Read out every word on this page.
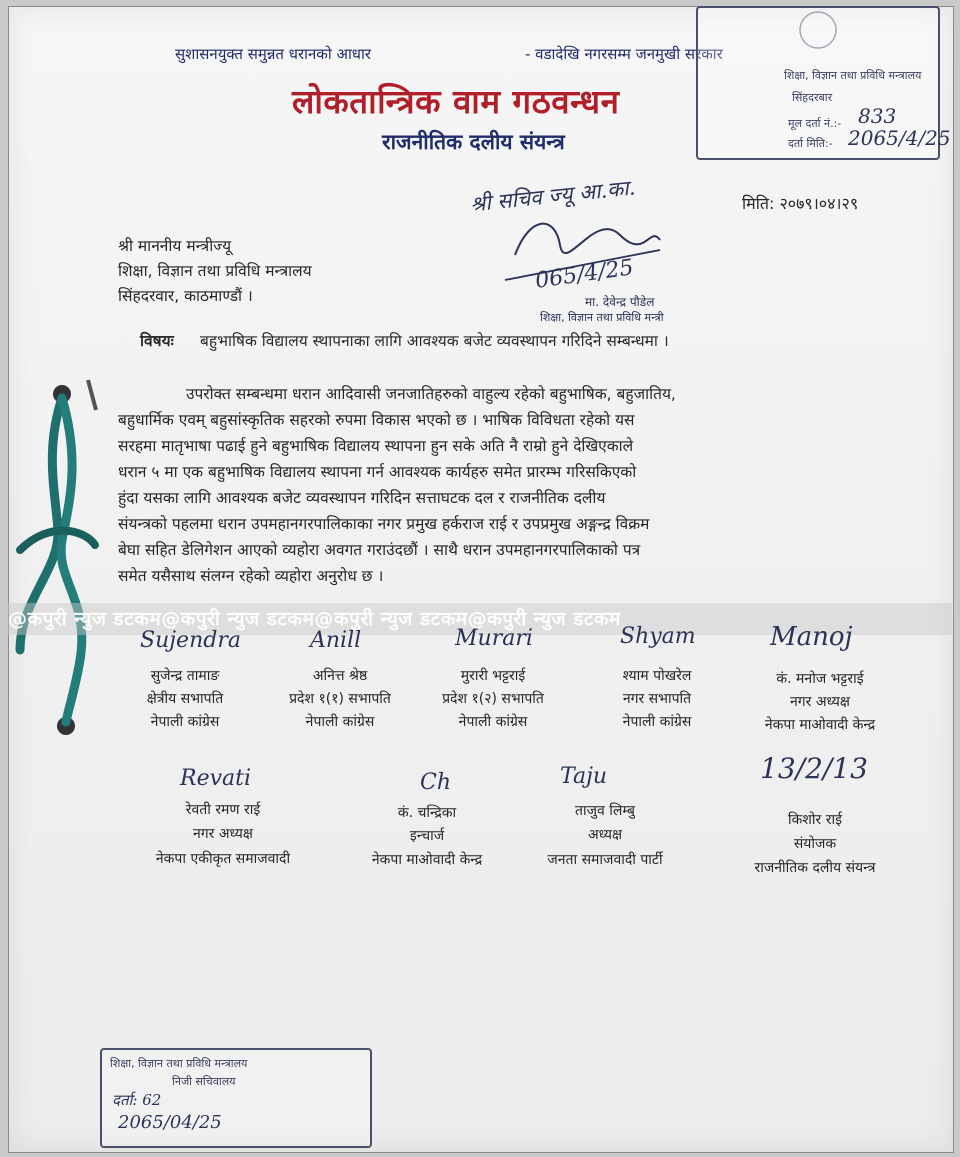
सुशासनयुक्त समुन्नत धरानको आधार	- वडादेखि नगरसम्म जनमुखी सरकार
लोकतान्त्रिक वाम गठवन्धन
राजनीतिक दलीय संयन्त्र
शिक्षा, विज्ञान तथा प्रविधि मन्त्रालय
सिंहदरबार
मूल दर्ता नं.:- 833
दर्ता मिति:- 2065/4/25
श्री सचिव ज्यू आ.का.	मिति: २०७९।०४।२९
श्री माननीय मन्त्रीज्यू
शिक्षा, विज्ञान तथा प्रविधि मन्त्रालय
सिंहदरवार, काठमाण्डौं ।
065/4/25
मा. देवेन्द्र पौडेल
शिक्षा, विज्ञान तथा प्रविधि मन्त्री
विषयः बहुभाषिक विद्यालय स्थापनाका लागि आवश्यक बजेट व्यवस्थापन गरिदिने सम्बन्धमा ।
उपरोक्त सम्बन्धमा धरान आदिवासी जनजातिहरुको वाहुल्य रहेको बहुभाषिक, बहुजातिय,
बहुधार्मिक एवम् बहुसांस्कृतिक सहरको रुपमा विकास भएको छ । भाषिक विविधता रहेको यस
सरहमा मातृभाषा पढाई हुने बहुभाषिक विद्यालय स्थापना हुन सके अति नै राम्रो हुने देखिएकाले
धरान ५ मा एक बहुभाषिक विद्यालय स्थापना गर्न आवश्यक कार्यहरु समेत प्रारम्भ गरिसकिएको
हुंदा यसका लागि आवश्यक बजेट व्यवस्थापन गरिदिन सत्ताघटक दल र राजनीतिक दलीय
संयन्त्रको पहलमा धरान उपमहानगरपालिकाका नगर प्रमुख हर्कराज राई र उपप्रमुख अङ्गन्द्र विक्रम
बेघा सहित डेलिगेशन आएको व्यहोरा अवगत गराउंदछौं । साथै धरान उपमहानगरपालिकाको पत्र
समेत यसैसाथ संलग्न रहेको व्यहोरा अनुरोध छ ।
@कपुरी न्युज डटकम@कपुरी न्युज डटकम@कपुरी न्युज डटकम@कपुरी न्युज डटकम
Sujendra
सुजेन्द्र तामाङ
क्षेत्रीय सभापति
नेपाली कांग्रेस
Anill
अनित्त श्रेष्ठ
प्रदेश १(१) सभापति
नेपाली कांग्रेस
Murari
मुरारी भट्टराई
प्रदेश १(२) सभापति
नेपाली कांग्रेस
Shyam
श्याम पोखरेल
नगर सभापति
नेपाली कांग्रेस
Manoj
कं. मनोज भट्टराई
नगर अध्यक्ष
नेकपा माओवादी केन्द्र
Revati
रेवती रमण राई
नगर अध्यक्ष
नेकपा एकीकृत समाजवादी
Ch
कं. चन्द्रिका
इन्चार्ज
नेकपा माओवादी केन्द्र
Taju
ताजुव लिम्बु
अध्यक्ष
जनता समाजवादी पार्टी
13/2/13
किशोर राई
संयोजक
राजनीतिक दलीय संयन्त्र
शिक्षा, विज्ञान तथा प्रविधि मन्त्रालय
निजी सचिवालय
दर्ता: 62
2065/04/25
